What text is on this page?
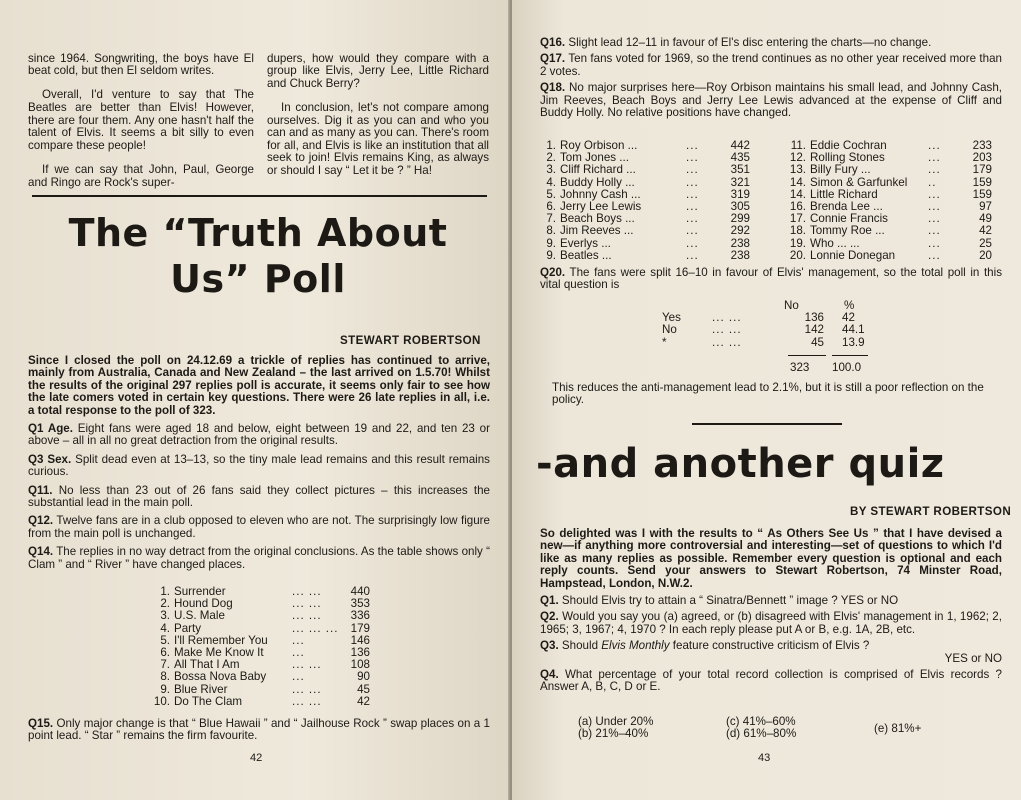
since 1964. Songwriting, the boys have El beat cold, but then El seldom writes.

Overall, I'd venture to say that The Beatles are better than Elvis! However, there are four them. Any one hasn't half the talent of Elvis. It seems a bit silly to even compare these people!

If we can say that John, Paul, George and Ringo are Rock's super-

dupers, how would they compare with a group like Elvis, Jerry Lee, Little Richard and Chuck Berry?

In conclusion, let's not compare among ourselves. Dig it as you can and who you can and as many as you can. There's room for all, and Elvis is like an institution that all seek to join! Elvis remains King, as always or should I say “ Let it be ? ” Ha!

The “Truth About
Us” Poll
STEWART ROBERTSON

Since I closed the poll on 24.12.69 a trickle of replies has continued to arrive, mainly from Australia, Canada and New Zealand – the last arrived on 1.5.70! Whilst the results of the original 297 replies poll is accurate, it seems only fair to see how the late comers voted in certain key questions. There were 26 late replies in all, i.e. a total response to the poll of 323.

Q1 Age. Eight fans were aged 18 and below, eight between 19 and 22, and ten 23 or above – all in all no great detraction from the original results.

Q3 Sex. Split dead even at 13–13, so the tiny male lead remains and this result remains curious.

Q11. No less than 23 out of 26 fans said they collect pictures – this increases the substantial lead in the main poll.

Q12. Twelve fans are in a club opposed to eleven who are not. The surprisingly low figure from the main poll is unchanged.

Q14. The replies in no way detract from the original conclusions. As the table shows only “ Clam ” and “ River ” have changed places.

1.	Surrender	... ...	440
2.	Hound Dog	... ...	353
3.	U.S. Male	... ...	336
4.	Party	... ... ...	179
5.	I'll Remember You	...	146
6.	Make Me Know It	...	136
7.	All That I Am	... ...	108
8.	Bossa Nova Baby	...	90
9.	Blue River	... ...	45
10.	Do The Clam	... ...	42

Q15. Only major change is that “ Blue Hawaii ” and “ Jailhouse Rock ” swap places on a 1 point lead. “ Star ” remains the firm favourite.

42

Q16. Slight lead 12–11 in favour of El's disc entering the charts—no change.

Q17. Ten fans voted for 1969, so the trend continues as no other year received more than 2 votes.

Q18. No major surprises here—Roy Orbison maintains his small lead, and Johnny Cash, Jim Reeves, Beach Boys and Jerry Lee Lewis advanced at the expense of Cliff and Buddy Holly. No relative positions have changed.

1.	Roy Orbison ...	...	442
2.	Tom Jones ...	...	435
3.	Cliff Richard ...	...	351
4.	Buddy Holly ...	...	321
5.	Johnny Cash ...	...	319
6.	Jerry Lee Lewis	...	305
7.	Beach Boys ...	...	299
8.	Jim Reeves ...	...	292
9.	Everlys ...	...	238
9.	Beatles ...	...	238
11.	Eddie Cochran	...	233
12.	Rolling Stones	...	203
13.	Billy Fury ...	...	179
14.	Simon & Garfunkel	..	159
14.	Little Richard	...	159
16.	Brenda Lee ...	...	97
17.	Connie Francis	...	49
18.	Tommy Roe ...	...	42
19.	Who ... ...	...	25
20.	Lonnie Donegan	...	20

Q20. The fans were split 16–10 in favour of Elvis' management, so the total poll in this vital question is

		No	%
Yes	... ...	136	42
No	... ...	142	44.1
*	... ...	45	13.9
323 100.0

This reduces the anti-management lead to 2.1%, but it is still a poor reflection on the policy.

-and another quiz
BY STEWART ROBERTSON

So delighted was I with the results to “ As Others See Us ” that I have devised a new—if anything more controversial and interesting—set of questions to which I'd like as many replies as possible. Remember every question is optional and each reply counts. Send your answers to Stewart Robertson, 74 Minster Road, Hampstead, London, N.W.2.

Q1. Should Elvis try to attain a “ Sinatra/Bennett ” image ? YES or NO

Q2. Would you say you (a) agreed, or (b) disagreed with Elvis' management in 1, 1962; 2, 1965; 3, 1967; 4, 1970 ? In each reply please put A or B, e.g. 1A, 2B, etc.

Q3. Should Elvis Monthly feature constructive criticism of Elvis ?

YES or NO

Q4. What percentage of your total record collection is comprised of Elvis records ? Answer A, B, C, D or E.

(a) Under 20%
(b) 21%–40%
(c) 41%–60%
(d) 61%–80%	(e) 81%+
43
